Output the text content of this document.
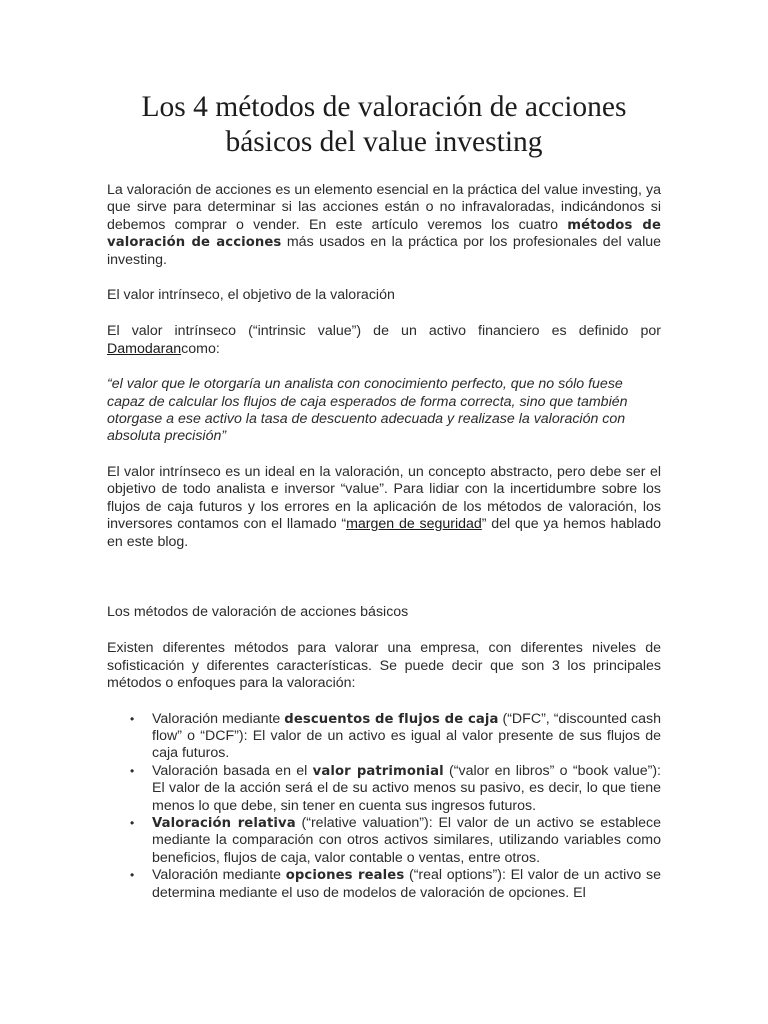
Los 4 métodos de valoración de acciones básicos del value investing

La valoración de acciones es un elemento esencial en la práctica del value investing, ya que sirve para determinar si las acciones están o no infravaloradas, indicándonos si debemos comprar o vender. En este artículo veremos los cuatro métodos de valoración de acciones más usados en la práctica por los profesionales del value investing.

El valor intrínseco, el objetivo de la valoración

El valor intrínseco (“intrinsic value”) de un activo financiero es definido por Damodarancomo:

“el valor que le otorgaría un analista con conocimiento perfecto, que no sólo fuese capaz de calcular los flujos de caja esperados de forma correcta, sino que también otorgase a ese activo la tasa de descuento adecuada y realizase la valoración con absoluta precisión”

El valor intrínseco es un ideal en la valoración, un concepto abstracto, pero debe ser el objetivo de todo analista e inversor “value”. Para lidiar con la incertidumbre sobre los flujos de caja futuros y los errores en la aplicación de los métodos de valoración, los inversores contamos con el llamado “margen de seguridad” del que ya hemos hablado en este blog.

Los métodos de valoración de acciones básicos

Existen diferentes métodos para valorar una empresa, con diferentes niveles de sofisticación y diferentes características. Se puede decir que son 3 los principales métodos o enfoques para la valoración:

• Valoración mediante descuentos de flujos de caja (“DFC”, “discounted cash flow” o “DCF”): El valor de un activo es igual al valor presente de sus flujos de caja futuros.
• Valoración basada en el valor patrimonial (“valor en libros” o “book value”): El valor de la acción será el de su activo menos su pasivo, es decir, lo que tiene menos lo que debe, sin tener en cuenta sus ingresos futuros.
• Valoración relativa (“relative valuation”): El valor de un activo se establece mediante la comparación con otros activos similares, utilizando variables como beneficios, flujos de caja, valor contable o ventas, entre otros.
• Valoración mediante opciones reales (“real options”): El valor de un activo se determina mediante el uso de modelos de valoración de opciones. El
